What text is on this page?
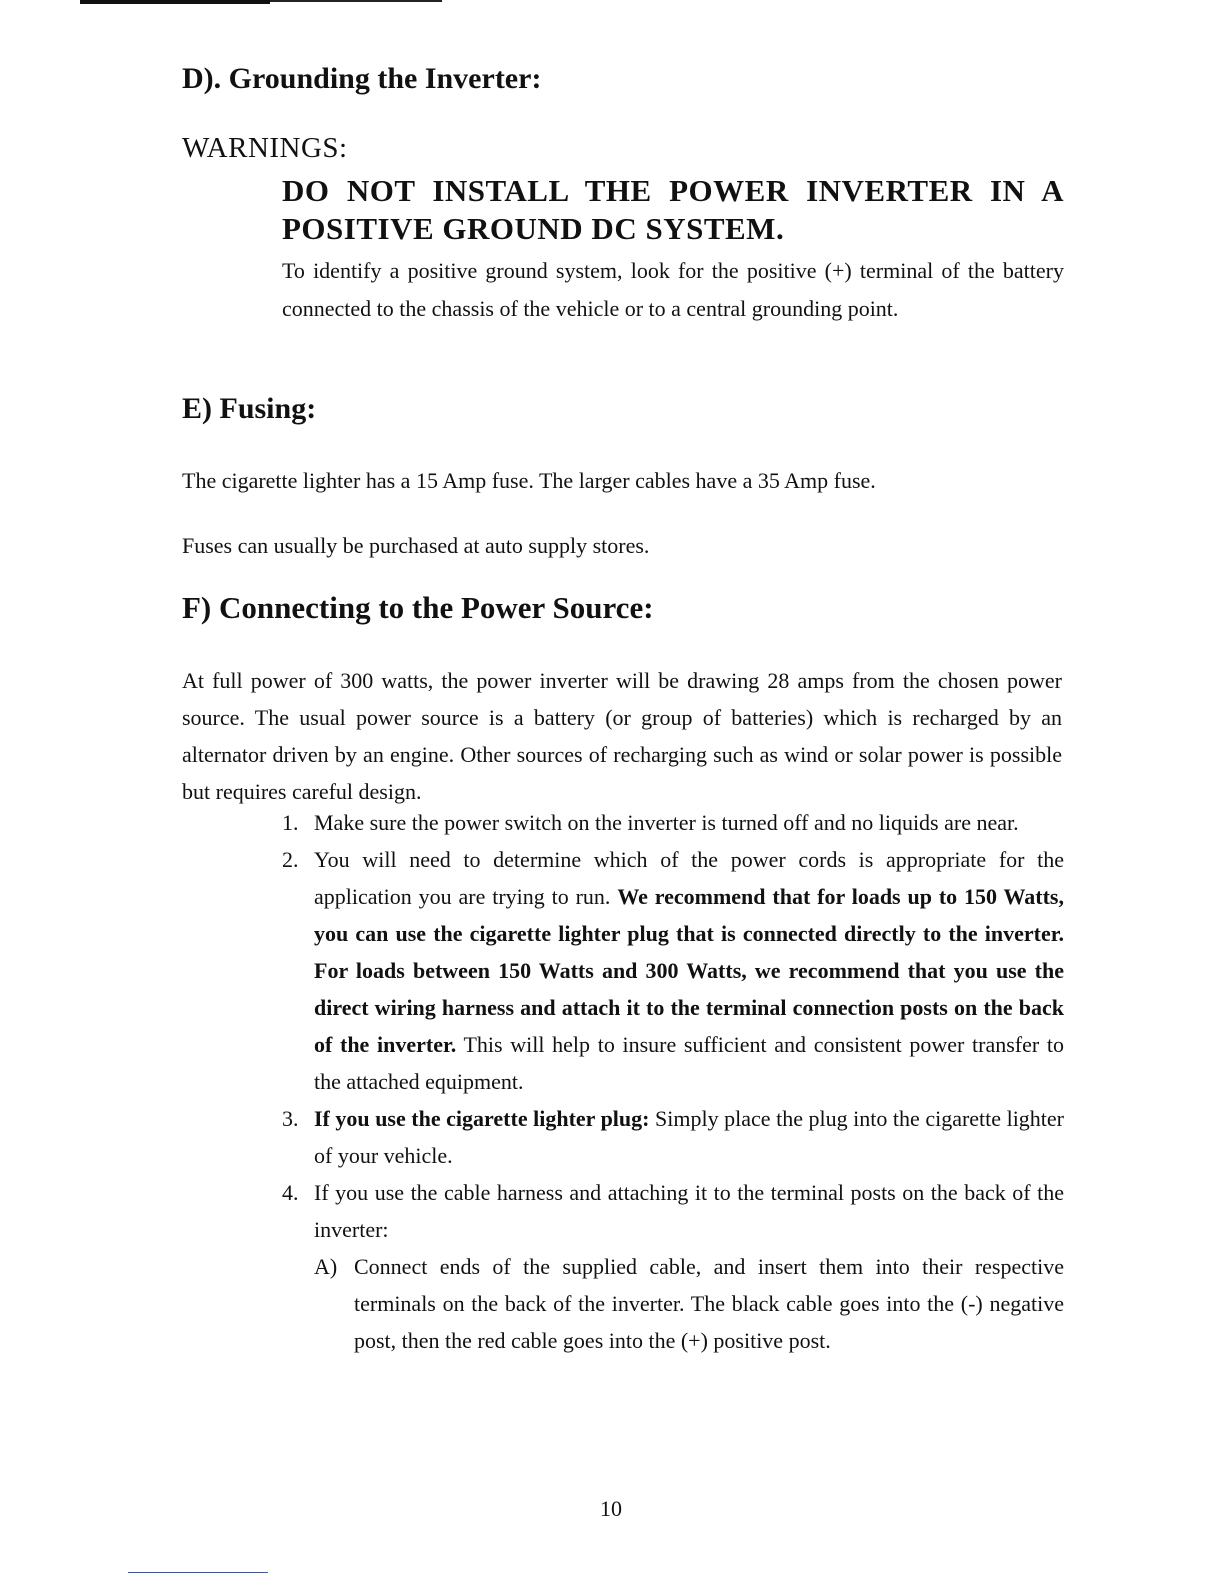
D). Grounding the Inverter:
WARNINGS:

DO NOT INSTALL THE POWER INVERTER IN A POSITIVE GROUND DC SYSTEM.

To identify a positive ground system, look for the positive (+) terminal of the battery connected to the chassis of the vehicle or to a central grounding point.

E) Fusing:

The cigarette lighter has a 15 Amp fuse. The larger cables have a 35 Amp fuse.

Fuses can usually be purchased at auto supply stores.

F) Connecting to the Power Source:

At full power of 300 watts, the power inverter will be drawing 28 amps from the chosen power source. The usual power source is a battery (or group of batteries) which is recharged by an alternator driven by an engine. Other sources of recharging such as wind or solar power is possible but requires careful design.

1. Make sure the power switch on the inverter is turned off and no liquids are near.
2. You will need to determine which of the power cords is appropriate for the application you are trying to run. We recommend that for loads up to 150 Watts, you can use the cigarette lighter plug that is connected directly to the inverter. For loads between 150 Watts and 300 Watts, we recommend that you use the direct wiring harness and attach it to the terminal connection posts on the back of the inverter. This will help to insure sufficient and consistent power transfer to the attached equipment.
3. If you use the cigarette lighter plug: Simply place the plug into the cigarette lighter of your vehicle.
4. If you use the cable harness and attaching it to the terminal posts on the back of the inverter:
A) Connect ends of the supplied cable, and insert them into their respective terminals on the back of the inverter. The black cable goes into the (-) negative post, then the red cable goes into the (+) positive post.
10
